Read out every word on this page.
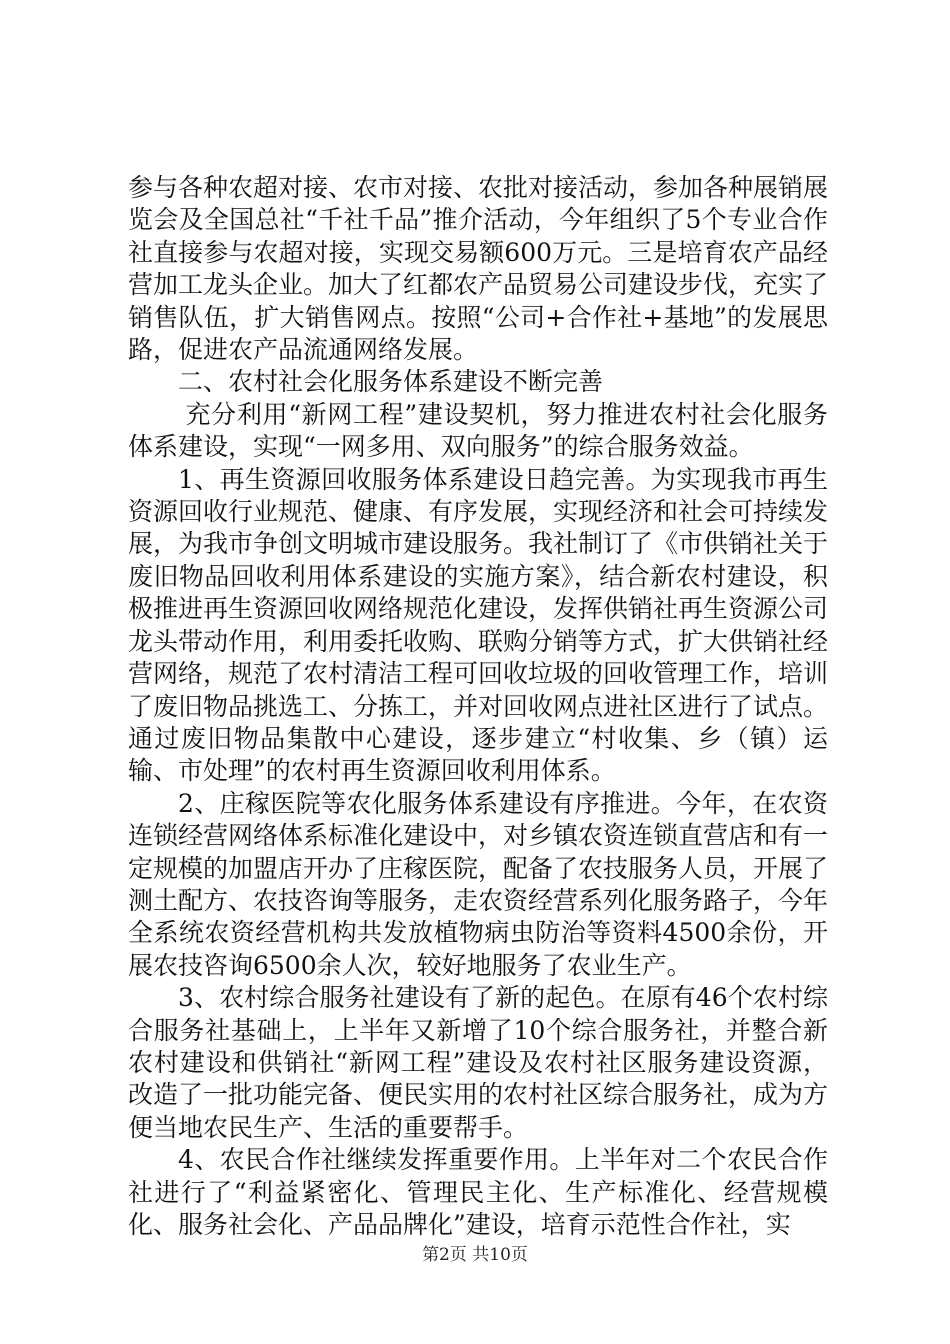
参与各种农超对接、农市对接、农批对接活动，参加各种展销展览会及全国总社“千社千品”推介活动，今年组织了5个专业合作社直接参与农超对接，实现交易额600万元。三是培育农产品经营加工龙头企业。加大了红都农产品贸易公司建设步伐，充实了销售队伍，扩大销售网点。按照“公司+合作社+基地”的发展思路，促进农产品流通网络发展。

二、农村社会化服务体系建设不断完善

充分利用“新网工程”建设契机，努力推进农村社会化服务体系建设，实现“一网多用、双向服务”的综合服务效益。

1、再生资源回收服务体系建设日趋完善。为实现我市再生资源回收行业规范、健康、有序发展，实现经济和社会可持续发展，为我市争创文明城市建设服务。我社制订了《市供销社关于废旧物品回收利用体系建设的实施方案》，结合新农村建设，积极推进再生资源回收网络规范化建设，发挥供销社再生资源公司龙头带动作用，利用委托收购、联购分销等方式，扩大供销社经营网络，规范了农村清洁工程可回收垃圾的回收管理工作，培训了废旧物品挑选工、分拣工，并对回收网点进社区进行了试点。通过废旧物品集散中心建设，逐步建立“村收集、乡（镇）运输、市处理”的农村再生资源回收利用体系。

2、庄稼医院等农化服务体系建设有序推进。今年，在农资连锁经营网络体系标准化建设中，对乡镇农资连锁直营店和有一定规模的加盟店开办了庄稼医院，配备了农技服务人员，开展了测土配方、农技咨询等服务，走农资经营系列化服务路子，今年全系统农资经营机构共发放植物病虫防治等资料4500余份，开展农技咨询6500余人次，较好地服务了农业生产。

3、农村综合服务社建设有了新的起色。在原有46个农村综合服务社基础上，上半年又新增了10个综合服务社，并整合新农村建设和供销社“新网工程”建设及农村社区服务建设资源，改造了一批功能完备、便民实用的农村社区综合服务社，成为方便当地农民生产、生活的重要帮手。

4、农民合作社继续发挥重要作用。上半年对二个农民合作社进行了“利益紧密化、管理民主化、生产标准化、经营规模化、服务社会化、产品品牌化”建设，培育示范性合作社，实

第2页 共10页
